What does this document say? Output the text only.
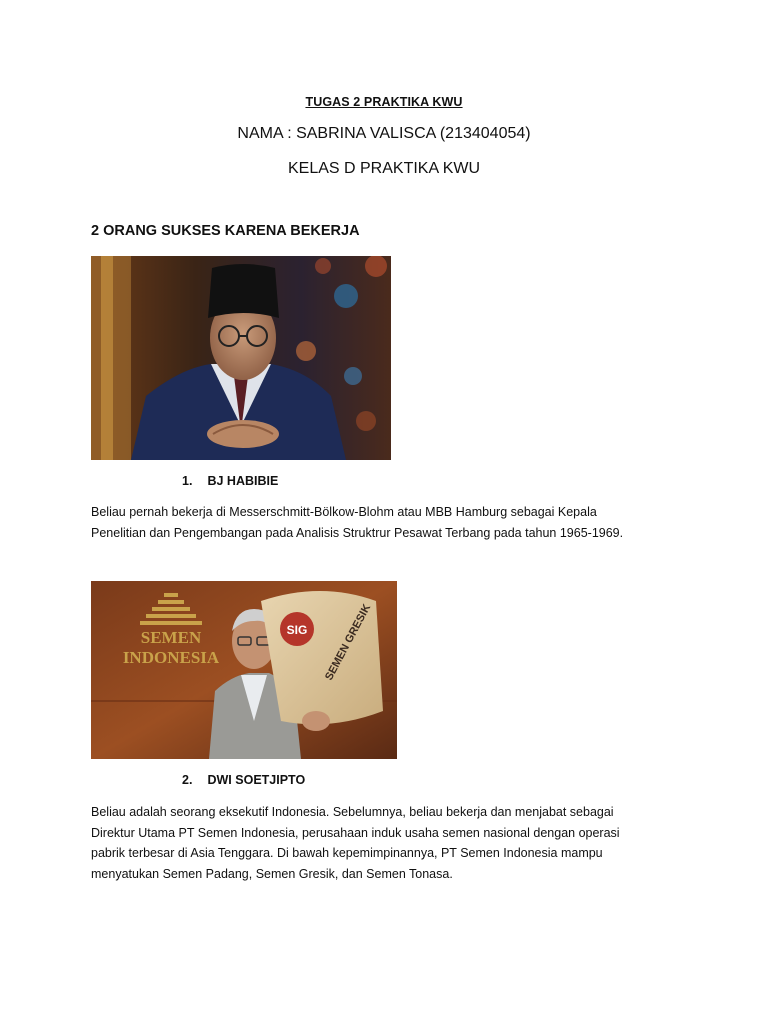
TUGAS 2 PRAKTIKA KWU
NAMA : SABRINA VALISCA (213404054)
KELAS D PRAKTIKA KWU
2 ORANG SUKSES KARENA BEKERJA
1. BJ HABIBIE
Beliau pernah bekerja di Messerschmitt-Bölkow-Blohm atau MBB Hamburg sebagai Kepala
Penelitian dan Pengembangan pada Analisis Struktrur Pesawat Terbang pada tahun 1965-1969.
SEMEN
INDONESIA
SIG SEMEN GRESIK
2. DWI SOETJIPTO
Beliau adalah seorang eksekutif Indonesia. Sebelumnya, beliau bekerja dan menjabat sebagai
Direktur Utama PT Semen Indonesia, perusahaan induk usaha semen nasional dengan operasi
pabrik terbesar di Asia Tenggara. Di bawah kepemimpinannya, PT Semen Indonesia mampu
menyatukan Semen Padang, Semen Gresik, dan Semen Tonasa.
